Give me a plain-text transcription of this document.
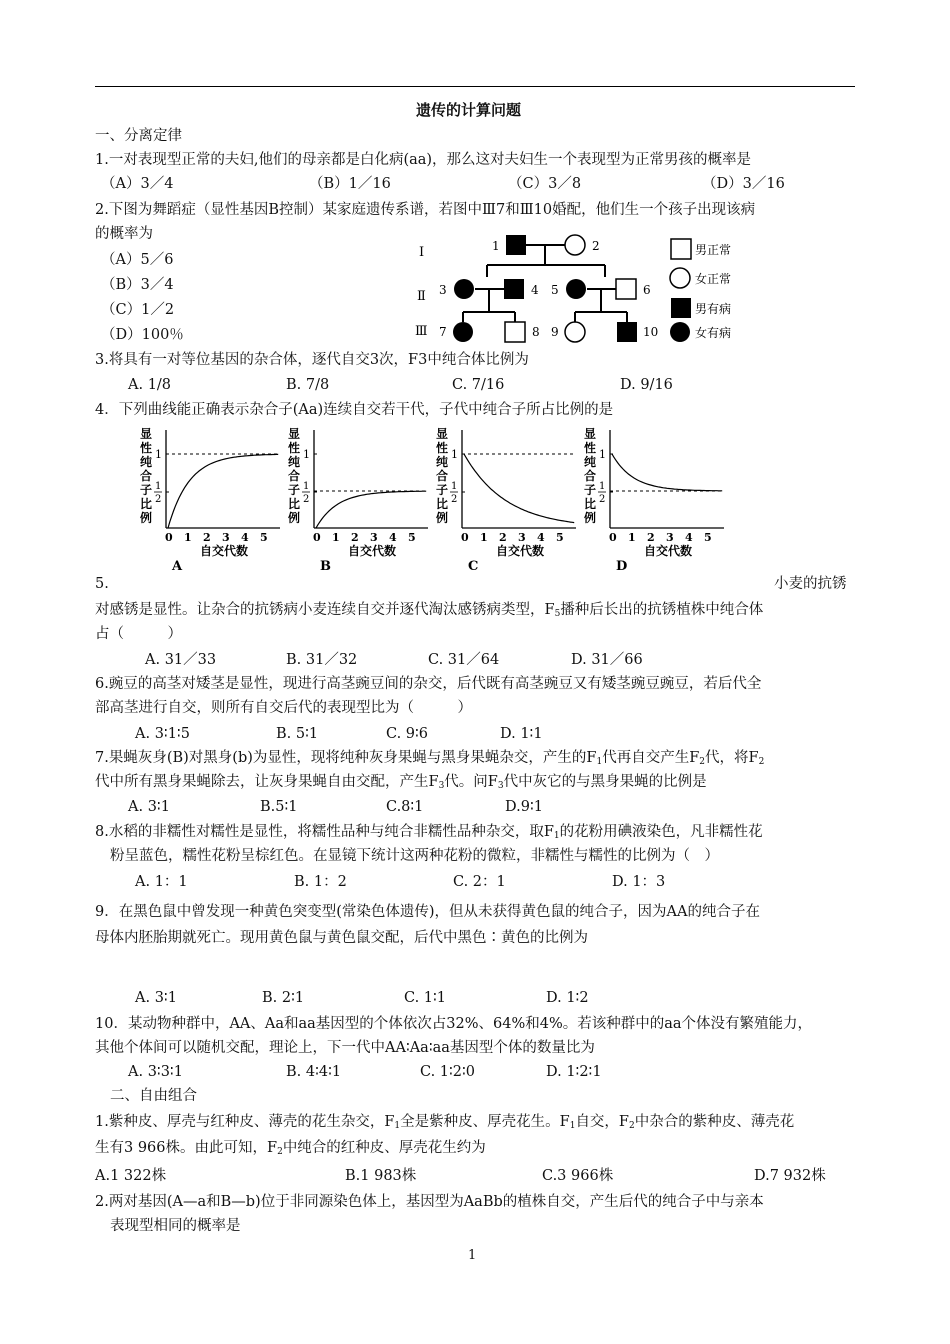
遗传的计算问题
一、分离定律
1.一对表现型正常的夫妇,他们的母亲都是白化病(aa)，那么这对夫妇生一个表现型为正常男孩的概率是
（A）3／4	（B）1／16	（C）3／8	（D）3／16
2.下图为舞蹈症（显性基因B控制）某家庭遗传系谱，若图中Ⅲ7和Ⅲ10婚配，他们生一个孩子出现该病
的概率为
（A）5／6
（B）3／4
（C）1／2
（D）100％
Ⅰ
Ⅱ
Ⅲ
1	2
3	4 5	6
7	8 9	10
男正常
女正常
男有病
女有病
3.将具有一对等位基因的杂合体，逐代自交3次，F3中纯合体比例为
A. 1/8	B. 7/8	C. 7/16	D. 9/16
4．下列曲线能正确表示杂合子(Aa)连续自交若干代，子代中纯合子所占比例的是
显
性
纯
合
子
比
例
1
1
2
0 1 2 3 4 5
自交代数
A
显
性
纯
合
子
比
例
1
1
2
0 1 2 3 4 5
自交代数
B
显
性
纯
合
子
比
例
1
1
2
0 1 2 3 4 5
自交代数
C
显
性
纯
合
子
比
例
1
1
2
0 1 2 3 4 5
自交代数
D
5.	小麦的抗锈
对感锈是显性。让杂合的抗锈病小麦连续自交并逐代淘汰感锈病类型，$F_5$播种后长出的抗锈植株中纯合体
占（　　　）
A. 31／33	B. 31／32	C. 31／64	D. 31／66
6.豌豆的高茎对矮茎是显性，现进行高茎豌豆间的杂交，后代既有高茎豌豆又有矮茎豌豆豌豆，若后代全
部高茎进行自交，则所有自交后代的表现型比为（　　　）
A. 3∶1∶5	B. 5∶1	C. 9∶6	D. 1∶1
7.果蝇灰身(B)对黑身(b)为显性，现将纯种灰身果蝇与黑身果蝇杂交，产生的$F_1$代再自交产生$F_2$代，将$F_2$
代中所有黑身果蝇除去，让灰身果蝇自由交配，产生$F_3$代。问$F_3$代中灰它的与黑身果蝇的比例是
A. 3∶1	B.5∶1	C.8∶1	D.9∶1
8.水稻的非糯性对糯性是显性，将糯性品种与纯合非糯性品种杂交，取$F_1$的花粉用碘液染色，凡非糯性花
粉呈蓝色，糯性花粉呈棕红色。在显镜下统计这两种花粉的微粒，非糯性与糯性的比例为（　）
A. 1：1	B. 1：2	C. 2：1	D. 1：3
9．在黑色鼠中曾发现一种黄色突变型(常染色体遗传)，但从未获得黄色鼠的纯合子，因为AA的纯合子在
母体内胚胎期就死亡。现用黄色鼠与黄色鼠交配，后代中黑色∶黄色的比例为
A. 3∶1	B. 2∶1	C. 1∶1	D. 1∶2
10．某动物种群中，AA、Aa和aa基因型的个体依次占32%、64%和4%。若该种群中的aa个体没有繁殖能力，
其他个体间可以随机交配，理论上，下一代中AA∶Aa∶aa基因型个体的数量比为
A. 3∶3∶1	B. 4∶4∶1	C. 1∶2∶0	D. 1∶2∶1
二、自由组合
1.紫种皮、厚壳与红种皮、薄壳的花生杂交，$F_1$全是紫种皮、厚壳花生。$F_1$自交，$F_2$中杂合的紫种皮、薄壳花
生有3 966株。由此可知，$F_2$中纯合的红种皮、厚壳花生约为
A.1 322株	B.1 983株	C.3 966株	D.7 932株
2.两对基因(A—a和B—b)位于非同源染色体上，基因型为AaBb的植株自交，产生后代的纯合子中与亲本
表现型相同的概率是
1
